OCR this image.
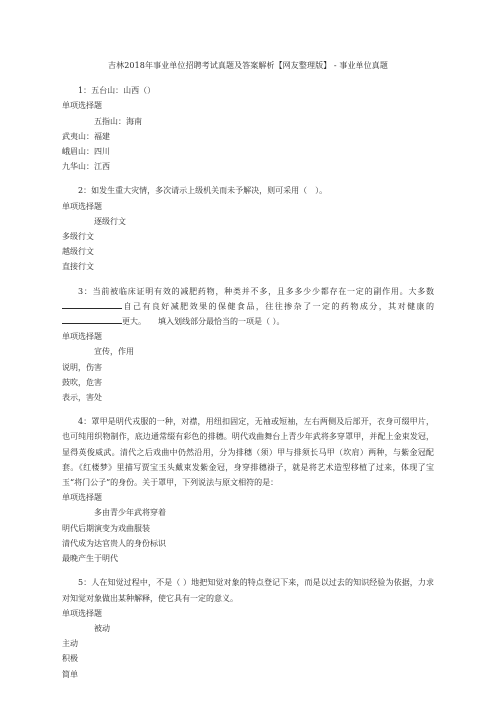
吉林2018年事业单位招聘考试真题及答案解析【网友整理版】 - 事业单位真题

1：五台山：山西（）

单项选择题

五指山：海南

武夷山：福建

峨眉山：四川

九华山：江西

2：如发生重大灾情，多次请示上级机关而未予解决，则可采用（　）。

单项选择题

逐级行文

多级行文

越级行文

直接行文

3：当前被临床证明有效的减肥药物，种类并不多，且多多少少都存在一定的副作用。大多数自己有良好减肥效果的保健食品，往往掺杂了一定的药物成分，其对健康的更大。　　填入划线部分最恰当的一项是（ ）。

单项选择题

宣传，作用

说明，伤害

鼓吹，危害

表示，害处

4：罩甲是明代戎服的一种，对襟，用纽扣固定，无袖或短袖，左右两侧及后部开，衣身可缀甲片，也可纯用织物制作，底边通常缀有彩色的排穗。明代戏曲舞台上青少年武将多穿罩甲，并配上金束发冠，显得英俊威武。清代之后戏曲中仍然沿用，分为排穗（须）甲与排须长马甲（坎肩）两种，与紫金冠配套。《红楼梦》里描写贾宝玉头戴束发紫金冠，身穿排穗褂子，就是将艺术造型移植了过来，体现了宝玉“将门公子”的身份。关于罩甲，下列说法与原文相符的是：

单项选择题

多由青少年武将穿着

明代后期演变为戏曲服装

清代成为达官贵人的身份标识

最晚产生于明代

5：人在知觉过程中，不是（ ）地把知觉对象的特点登记下来，而是以过去的知识经验为依据，力求对知觉对象做出某种解释，使它具有一定的意义。

单项选择题

被动

主动

积极

简单
